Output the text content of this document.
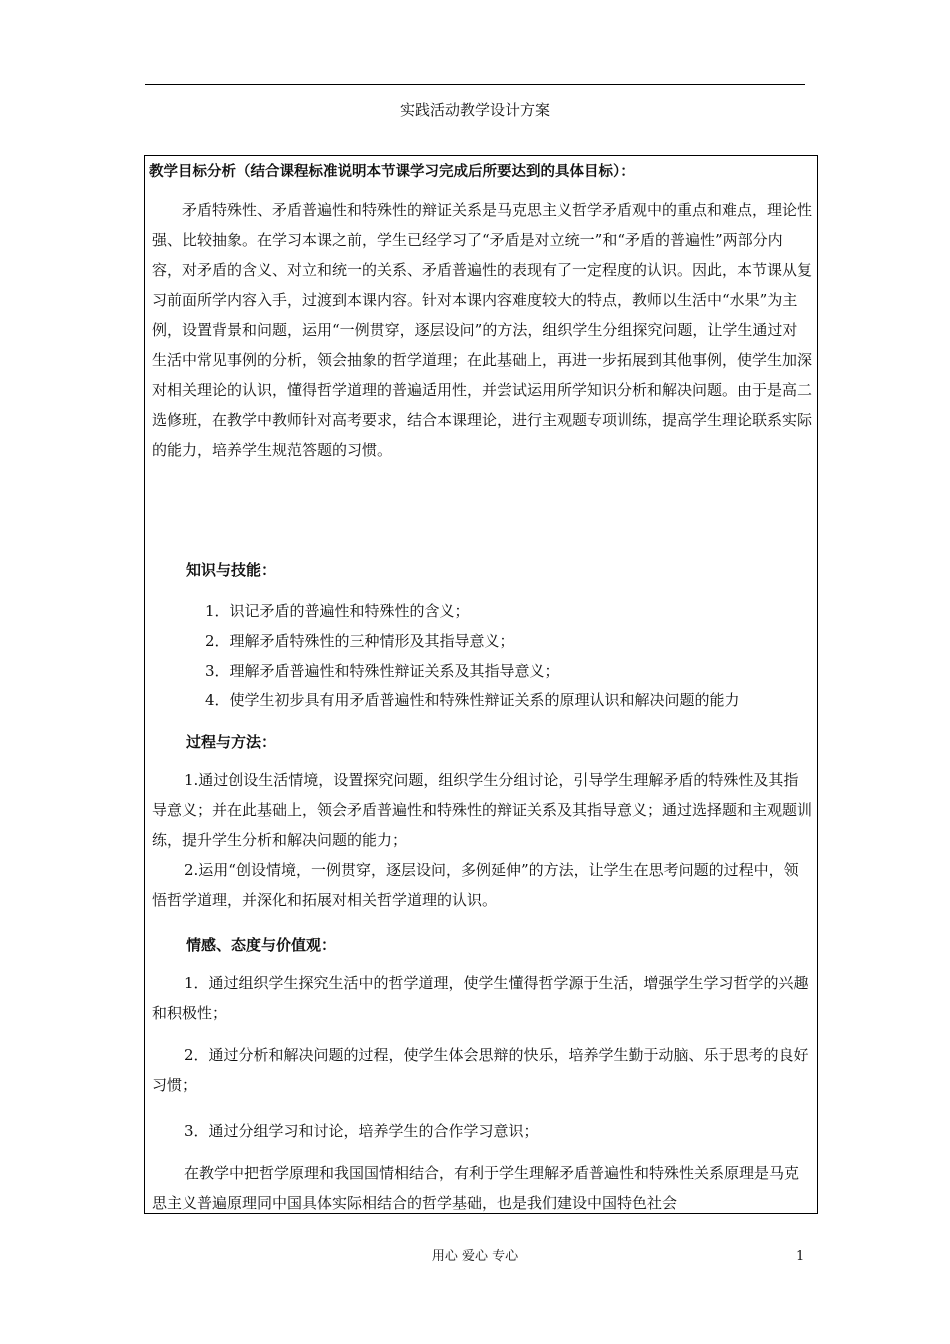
实践活动教学设计方案
教学目标分析（结合课程标准说明本节课学习完成后所要达到的具体目标）：
矛盾特殊性、矛盾普遍性和特殊性的辩证关系是马克思主义哲学矛盾观中的重点和难点，理论性强、比较抽象。在学习本课之前，学生已经学习了“矛盾是对立统一”和“矛盾的普遍性”两部分内容，对矛盾的含义、对立和统一的关系、矛盾普遍性的表现有了一定程度的认识。因此，本节课从复习前面所学内容入手，过渡到本课内容。针对本课内容难度较大的特点，教师以生活中“水果”为主例，设置背景和问题，运用“一例贯穿，逐层设问”的方法，组织学生分组探究问题，让学生通过对生活中常见事例的分析，领会抽象的哲学道理；在此基础上，再进一步拓展到其他事例，使学生加深对相关理论的认识，懂得哲学道理的普遍适用性，并尝试运用所学知识分析和解决问题。由于是高二选修班，在教学中教师针对高考要求，结合本课理论，进行主观题专项训练，提高学生理论联系实际的能力，培养学生规范答题的习惯。
知识与技能：
1．识记矛盾的普遍性和特殊性的含义；
2．理解矛盾特殊性的三种情形及其指导意义；
3．理解矛盾普遍性和特殊性辩证关系及其指导意义；
4．使学生初步具有用矛盾普遍性和特殊性辩证关系的原理认识和解决问题的能力
过程与方法：
1.通过创设生活情境，设置探究问题，组织学生分组讨论，引导学生理解矛盾的特殊性及其指导意义；并在此基础上，领会矛盾普遍性和特殊性的辩证关系及其指导意义；通过选择题和主观题训练，提升学生分析和解决问题的能力；
2.运用“创设情境，一例贯穿，逐层设问，多例延伸”的方法，让学生在思考问题的过程中，领悟哲学道理，并深化和拓展对相关哲学道理的认识。
情感、态度与价值观：
1．通过组织学生探究生活中的哲学道理，使学生懂得哲学源于生活，增强学生学习哲学的兴趣和积极性；
2．通过分析和解决问题的过程，使学生体会思辩的快乐，培养学生勤于动脑、乐于思考的良好习惯；
3．通过分组学习和讨论，培养学生的合作学习意识；
在教学中把哲学原理和我国国情相结合，有利于学生理解矛盾普遍性和特殊性关系原理是马克思主义普遍原理同中国具体实际相结合的哲学基础，也是我们建设中国特色社会
用心 爱心 专心	1
